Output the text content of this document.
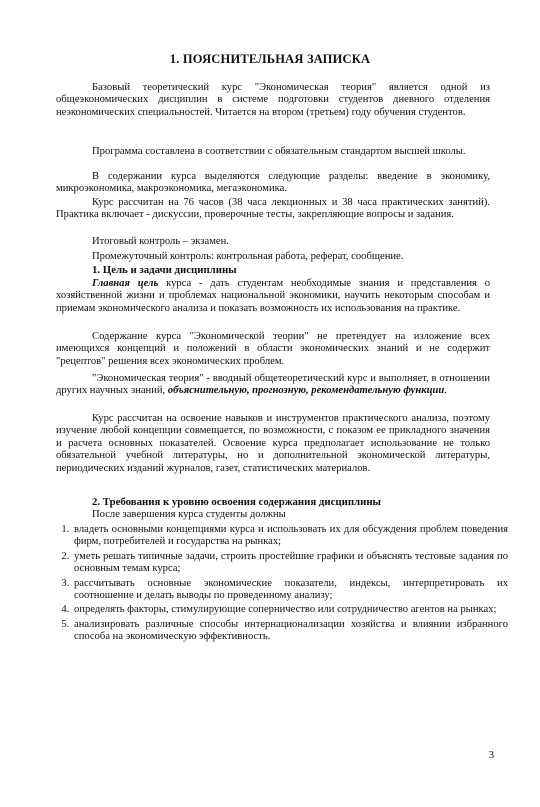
1. ПОЯСНИТЕЛЬНАЯ ЗАПИСКА

Базовый теоретический курс "Экономическая теория" является одной из общеэкономических дисциплин в системе подготовки студентов дневного отделения неэкономических специальностей. Читается на втором (третьем) году обучения студентов.

Программа составлена в соответствии с обязательным стандартом высшей школы.

В содержании курса выделяются следующие разделы: введение в экономику, микроэкономика, макроэкономика, мегаэкономика.

Курс рассчитан на 76 часов (38 часа лекционных и 38 часа практических занятий). Практика включает - дискуссии, проверочные тесты, закрепляющие вопросы и задания.

Итоговый контроль – экзамен.

Промежуточный контроль: контрольная работа, реферат, сообщение.

1. Цель и задачи дисциплины

Главная цель курса - дать студентам необходимые знания и представления о хозяйственной жизни и проблемах национальной экономики, научить некоторым способам и приемам экономического анализа и показать возможность их использования на практике.

Содержание курса "Экономической теории" не претендует на изложение всех имеющихся концепций и положений в области экономических знаний и не содержит "рецептов" решения всех экономических проблем.

"Экономическая теория" - вводный общетеоретический курс и выполняет, в отношении других научных знаний, объяснительную, прогнозную, рекомендательную функции.

Курс рассчитан на освоение навыков и инструментов практического анализа, поэтому изучение любой концепции совмещается, по возможности, с показом ее прикладного значения и расчета основных показателей. Освоение курса предполагает использование не только обязательной учебной литературы, но и дополнительной экономической литературы, периодических изданий журналов, газет, статистических материалов.

2. Требования к уровню освоения содержания дисциплины

После завершения курса студенты должны

1. владеть основными концепциями курса и использовать их для обсуждения проблем поведения фирм, потребителей и государства на рынках;
2. уметь решать типичные задачи, строить простейшие графики и объяснять тестовые задания по основным темам курса;
3. рассчитывать основные экономические показатели, индексы, интерпретировать их соотношение и делать выводы по проведенному анализу;
4. определять факторы, стимулирующие соперничество или сотрудничество агентов на рынках;
5. анализировать различные способы интернационализации хозяйства и влиянии избранного способа на экономическую эффективность.
3
